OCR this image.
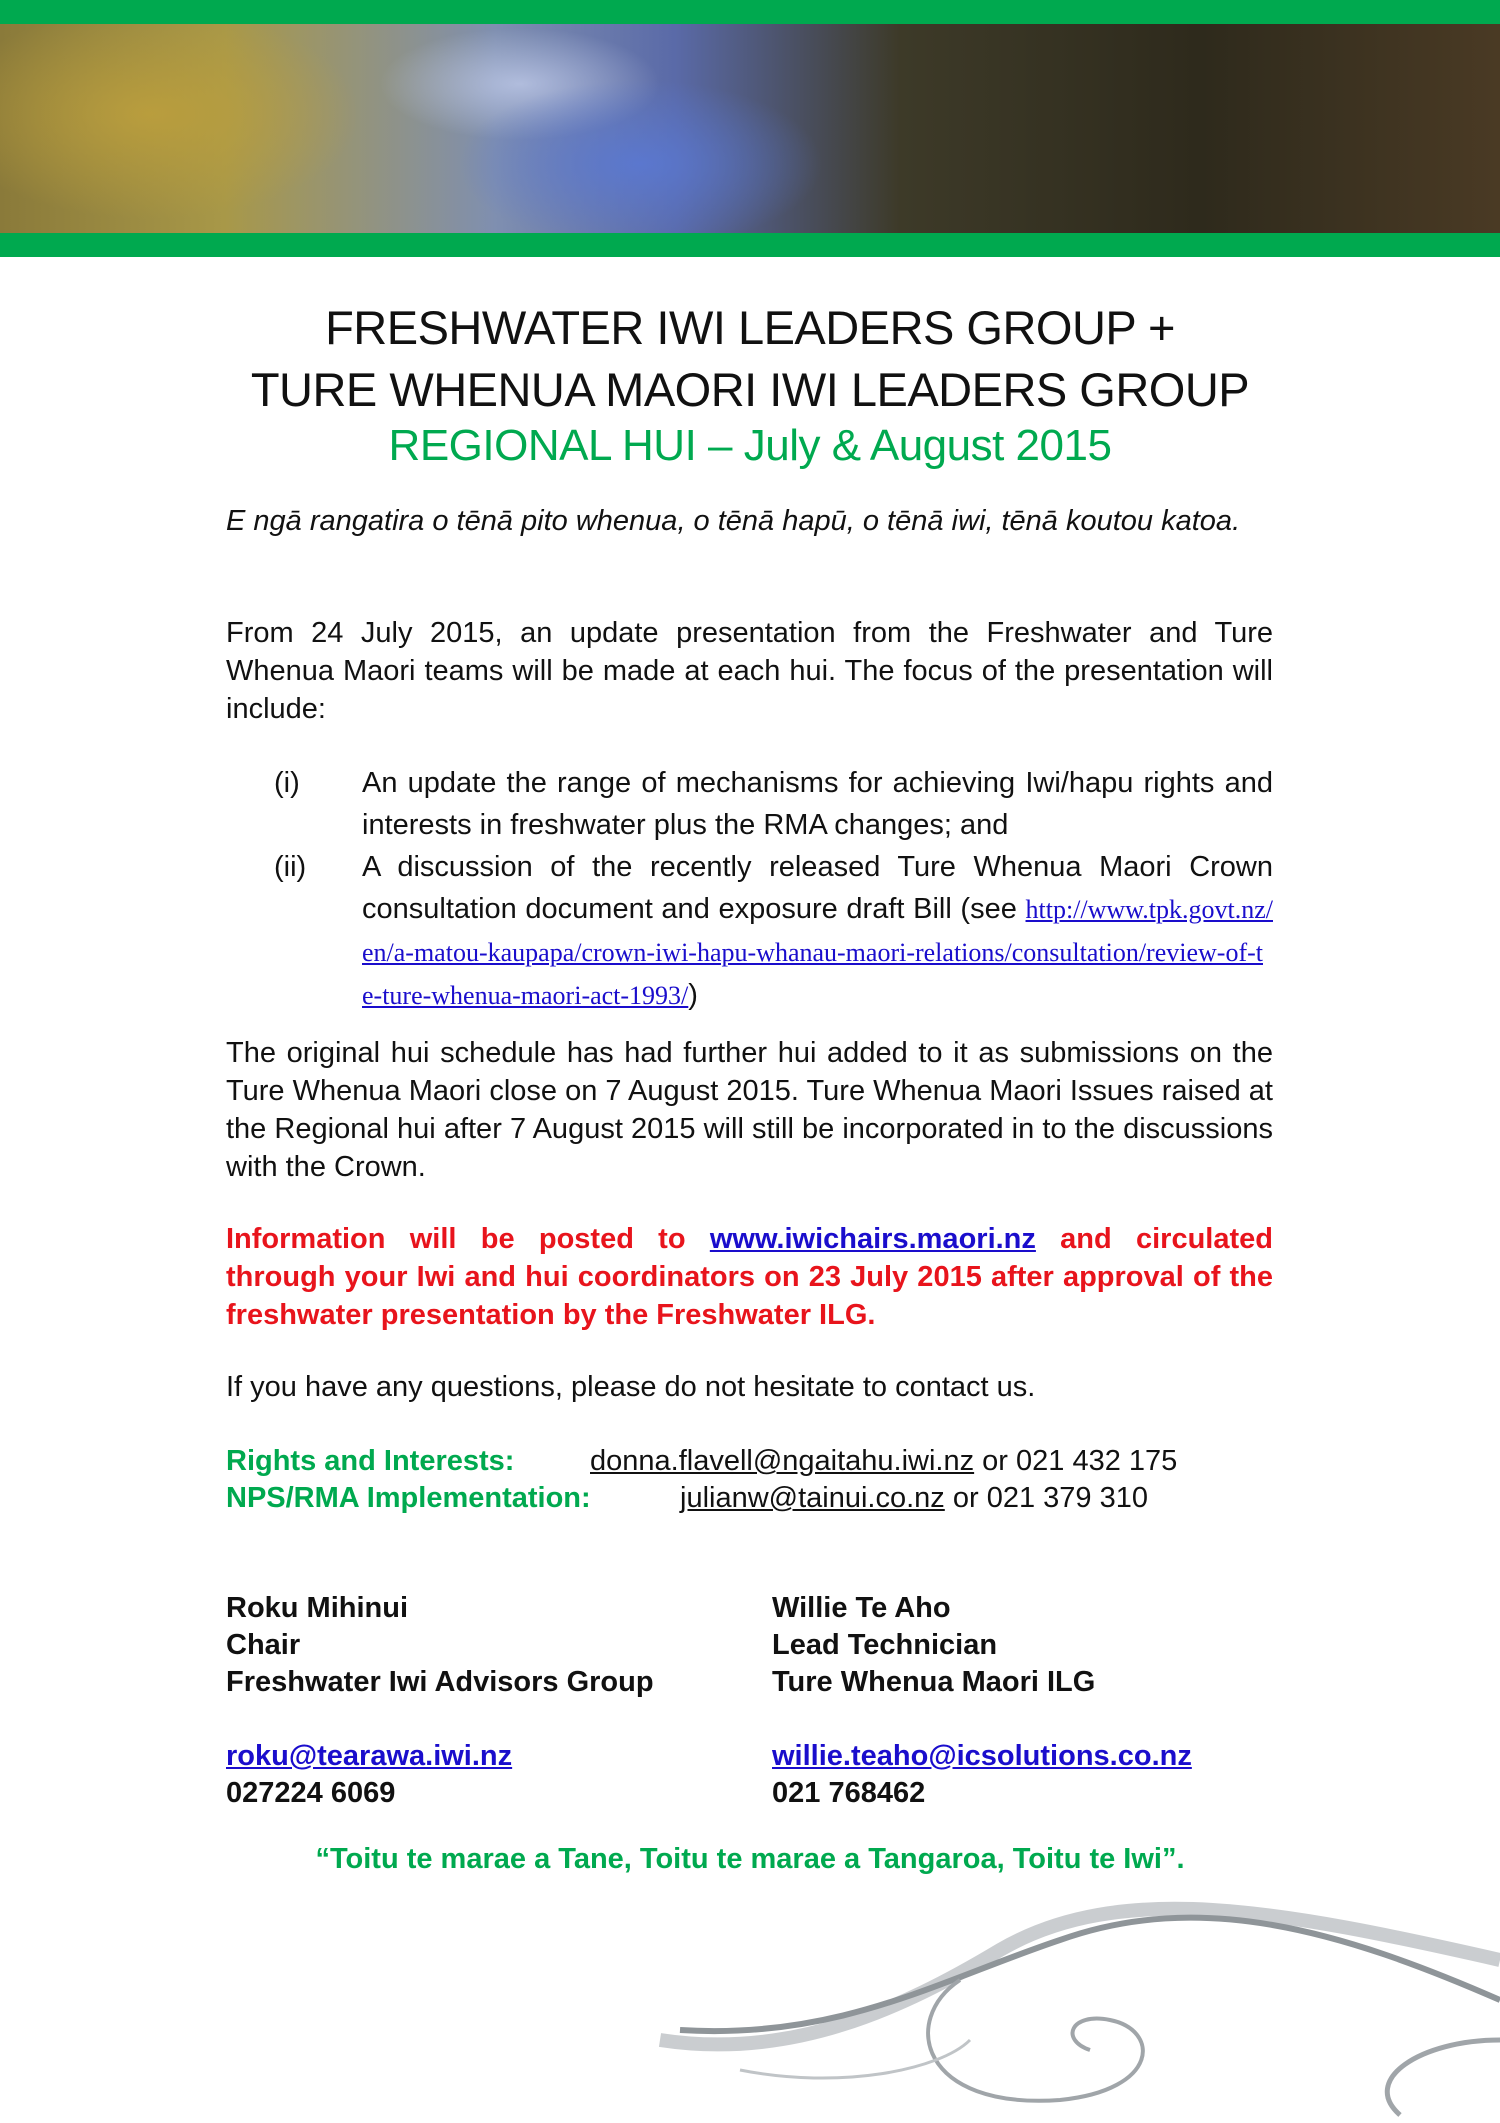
FRESHWATER IWI LEADERS GROUP +
TURE WHENUA MAORI IWI LEADERS GROUP
REGIONAL HUI – July & August 2015
E ngā rangatira o tēnā pito whenua, o tēnā hapū, o tēnā iwi, tēnā koutou katoa.
From 24 July 2015, an update presentation from the Freshwater and Ture Whenua Maori teams will be made at each hui. The focus of the presentation will include:
(i)	An update the range of mechanisms for achieving Iwi/hapu rights and interests in freshwater plus the RMA changes; and
(ii)	A discussion of the recently released Ture Whenua Maori Crown consultation document and exposure draft Bill (see http://www.tpk.govt.nz/en/a-matou-kaupapa/crown-iwi-hapu-whanau-maori-relations/consultation/review-of-te-ture-whenua-maori-act-1993/)
The original hui schedule has had further hui added to it as submissions on the Ture Whenua Maori close on 7 August 2015. Ture Whenua Maori Issues raised at the Regional hui after 7 August 2015 will still be incorporated in to the discussions with the Crown.
Information will be posted to www.iwichairs.maori.nz and circulated through your Iwi and hui coordinators on 23 July 2015 after approval of the freshwater presentation by the Freshwater ILG.
If you have any questions, please do not hesitate to contact us.
Rights and Interests:	donna.flavell@ngaitahu.iwi.nz or 021 432 175
NPS/RMA Implementation:	julianw@tainui.co.nz or 021 379 310
Roku Mihinui
Chair
Freshwater Iwi Advisors Group
roku@tearawa.iwi.nz
027224 6069
Willie Te Aho
Lead Technician
Ture Whenua Maori ILG
willie.teaho@icsolutions.co.nz
021 768462
“Toitu te marae a Tane, Toitu te marae a Tangaroa, Toitu te Iwi”.
